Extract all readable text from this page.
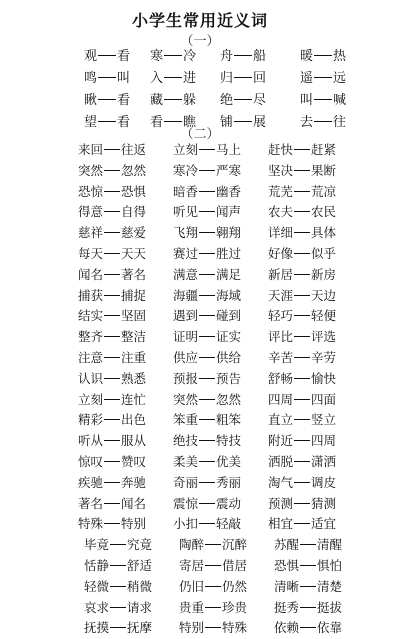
小学生常用近义词
（一）
观 看	寒 冷	舟 船	暖 热
鸣 叫	入 进	归 回	遥 远
瞅 看	藏 躲	绝 尽	叫 喊
望 看	看 瞧	铺 展	去 往
（二）
来回 往返	立刻 马上	赶快 赶紧
突然 忽然	寒冷 严寒	坚决 果断
恐惊 恐惧	暗香 幽香	荒芜 荒凉
得意 自得	听见 闻声	农夫 农民
慈祥 慈爱	飞翔 翱翔	详细 具体
每天 天天	赛过 胜过	好像 似乎
闻名 著名	满意 满足	新居 新房
捕获 捕捉	海疆 海域	天涯 天边
结实 坚固	遇到 碰到	轻巧 轻便
整齐 整洁	证明 证实	评比 评选
注意 注重	供应 供给	辛苦 辛劳
认识 熟悉	预报 预告	舒畅 愉快
立刻 连忙	突然 忽然	四周 四面
精彩 出色	笨重 粗笨	直立 竖立
听从 服从	绝技 特技	附近 四周
惊叹 赞叹	柔美 优美	洒脱 潇洒
疾驰 奔驰	奇丽 秀丽	淘气 调皮
著名 闻名	震惊 震动	预测 猜测
特殊 特别	小扣 轻敲	相宜 适宜
毕竟 究竟	陶醉 沉醉	苏醒 清醒
恬静 舒适	寄居 借居	恐惧 惧怕
轻微 稍微	仍旧 仍然	清晰 清楚
哀求 请求	贵重 珍贵	挺秀 挺拔
抚摸 抚摩	特别 特殊	依赖 依靠
